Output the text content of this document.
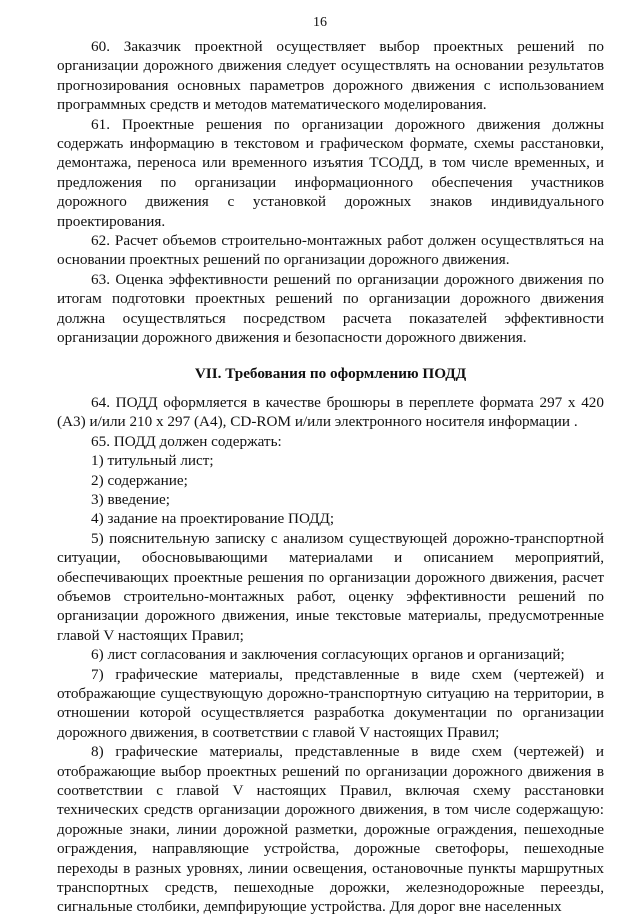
16

60. Заказчик проектной осуществляет выбор проектных решений по организации дорожного движения следует осуществлять на основании результатов прогнозирования основных параметров дорожного движения с использованием программных средств и методов математического моделирования.

61. Проектные решения по организации дорожного движения должны содержать информацию в текстовом и графическом формате, схемы расстановки, демонтажа, переноса или временного изъятия ТСОДД, в том числе временных, и предложения по организации информационного обеспечения участников дорожного движения с установкой дорожных знаков индивидуального проектирования.

62. Расчет объемов строительно-монтажных работ должен осуществляться на основании проектных решений по организации дорожного движения.

63. Оценка эффективности решений по организации дорожного движения по итогам подготовки проектных решений по организации дорожного движения должна осуществляться посредством расчета показателей эффективности организации дорожного движения и безопасности дорожного движения.

VII. Требования по оформлению ПОДД

64. ПОДД оформляется в качестве брошюры в переплете формата 297 х 420 (А3) и/или 210 х 297 (А4), CD-ROM и/или электронного носителя информации .

65. ПОДД должен содержать:

1) титульный лист;

2) содержание;

3) введение;

4) задание на проектирование ПОДД;

5) пояснительную записку с анализом существующей дорожно-транспортной ситуации, обосновывающими материалами и описанием мероприятий, обеспечивающих проектные решения по организации дорожного движения, расчет объемов строительно-монтажных работ, оценку эффективности решений по организации дорожного движения, иные текстовые материалы, предусмотренные главой V настоящих Правил;

6) лист согласования и заключения согласующих органов и организаций;

7) графические материалы, представленные в виде схем (чертежей) и отображающие существующую дорожно-транспортную ситуацию на территории, в отношении которой осуществляется разработка документации по организации дорожного движения, в соответствии с главой V настоящих Правил;

8) графические материалы, представленные в виде схем (чертежей) и отображающие выбор проектных решений по организации дорожного движения в соответствии с главой V настоящих Правил, включая схему расстановки технических средств организации дорожного движения, в том числе содержащую: дорожные знаки, линии дорожной разметки, дорожные ограждения, пешеходные ограждения, направляющие устройства, дорожные светофоры, пешеходные переходы в разных уровнях, линии освещения, остановочные пункты маршрутных транспортных средств, пешеходные дорожки, железнодорожные переезды, сигнальные столбики, демпфирующие устройства. Для дорог вне населенных
